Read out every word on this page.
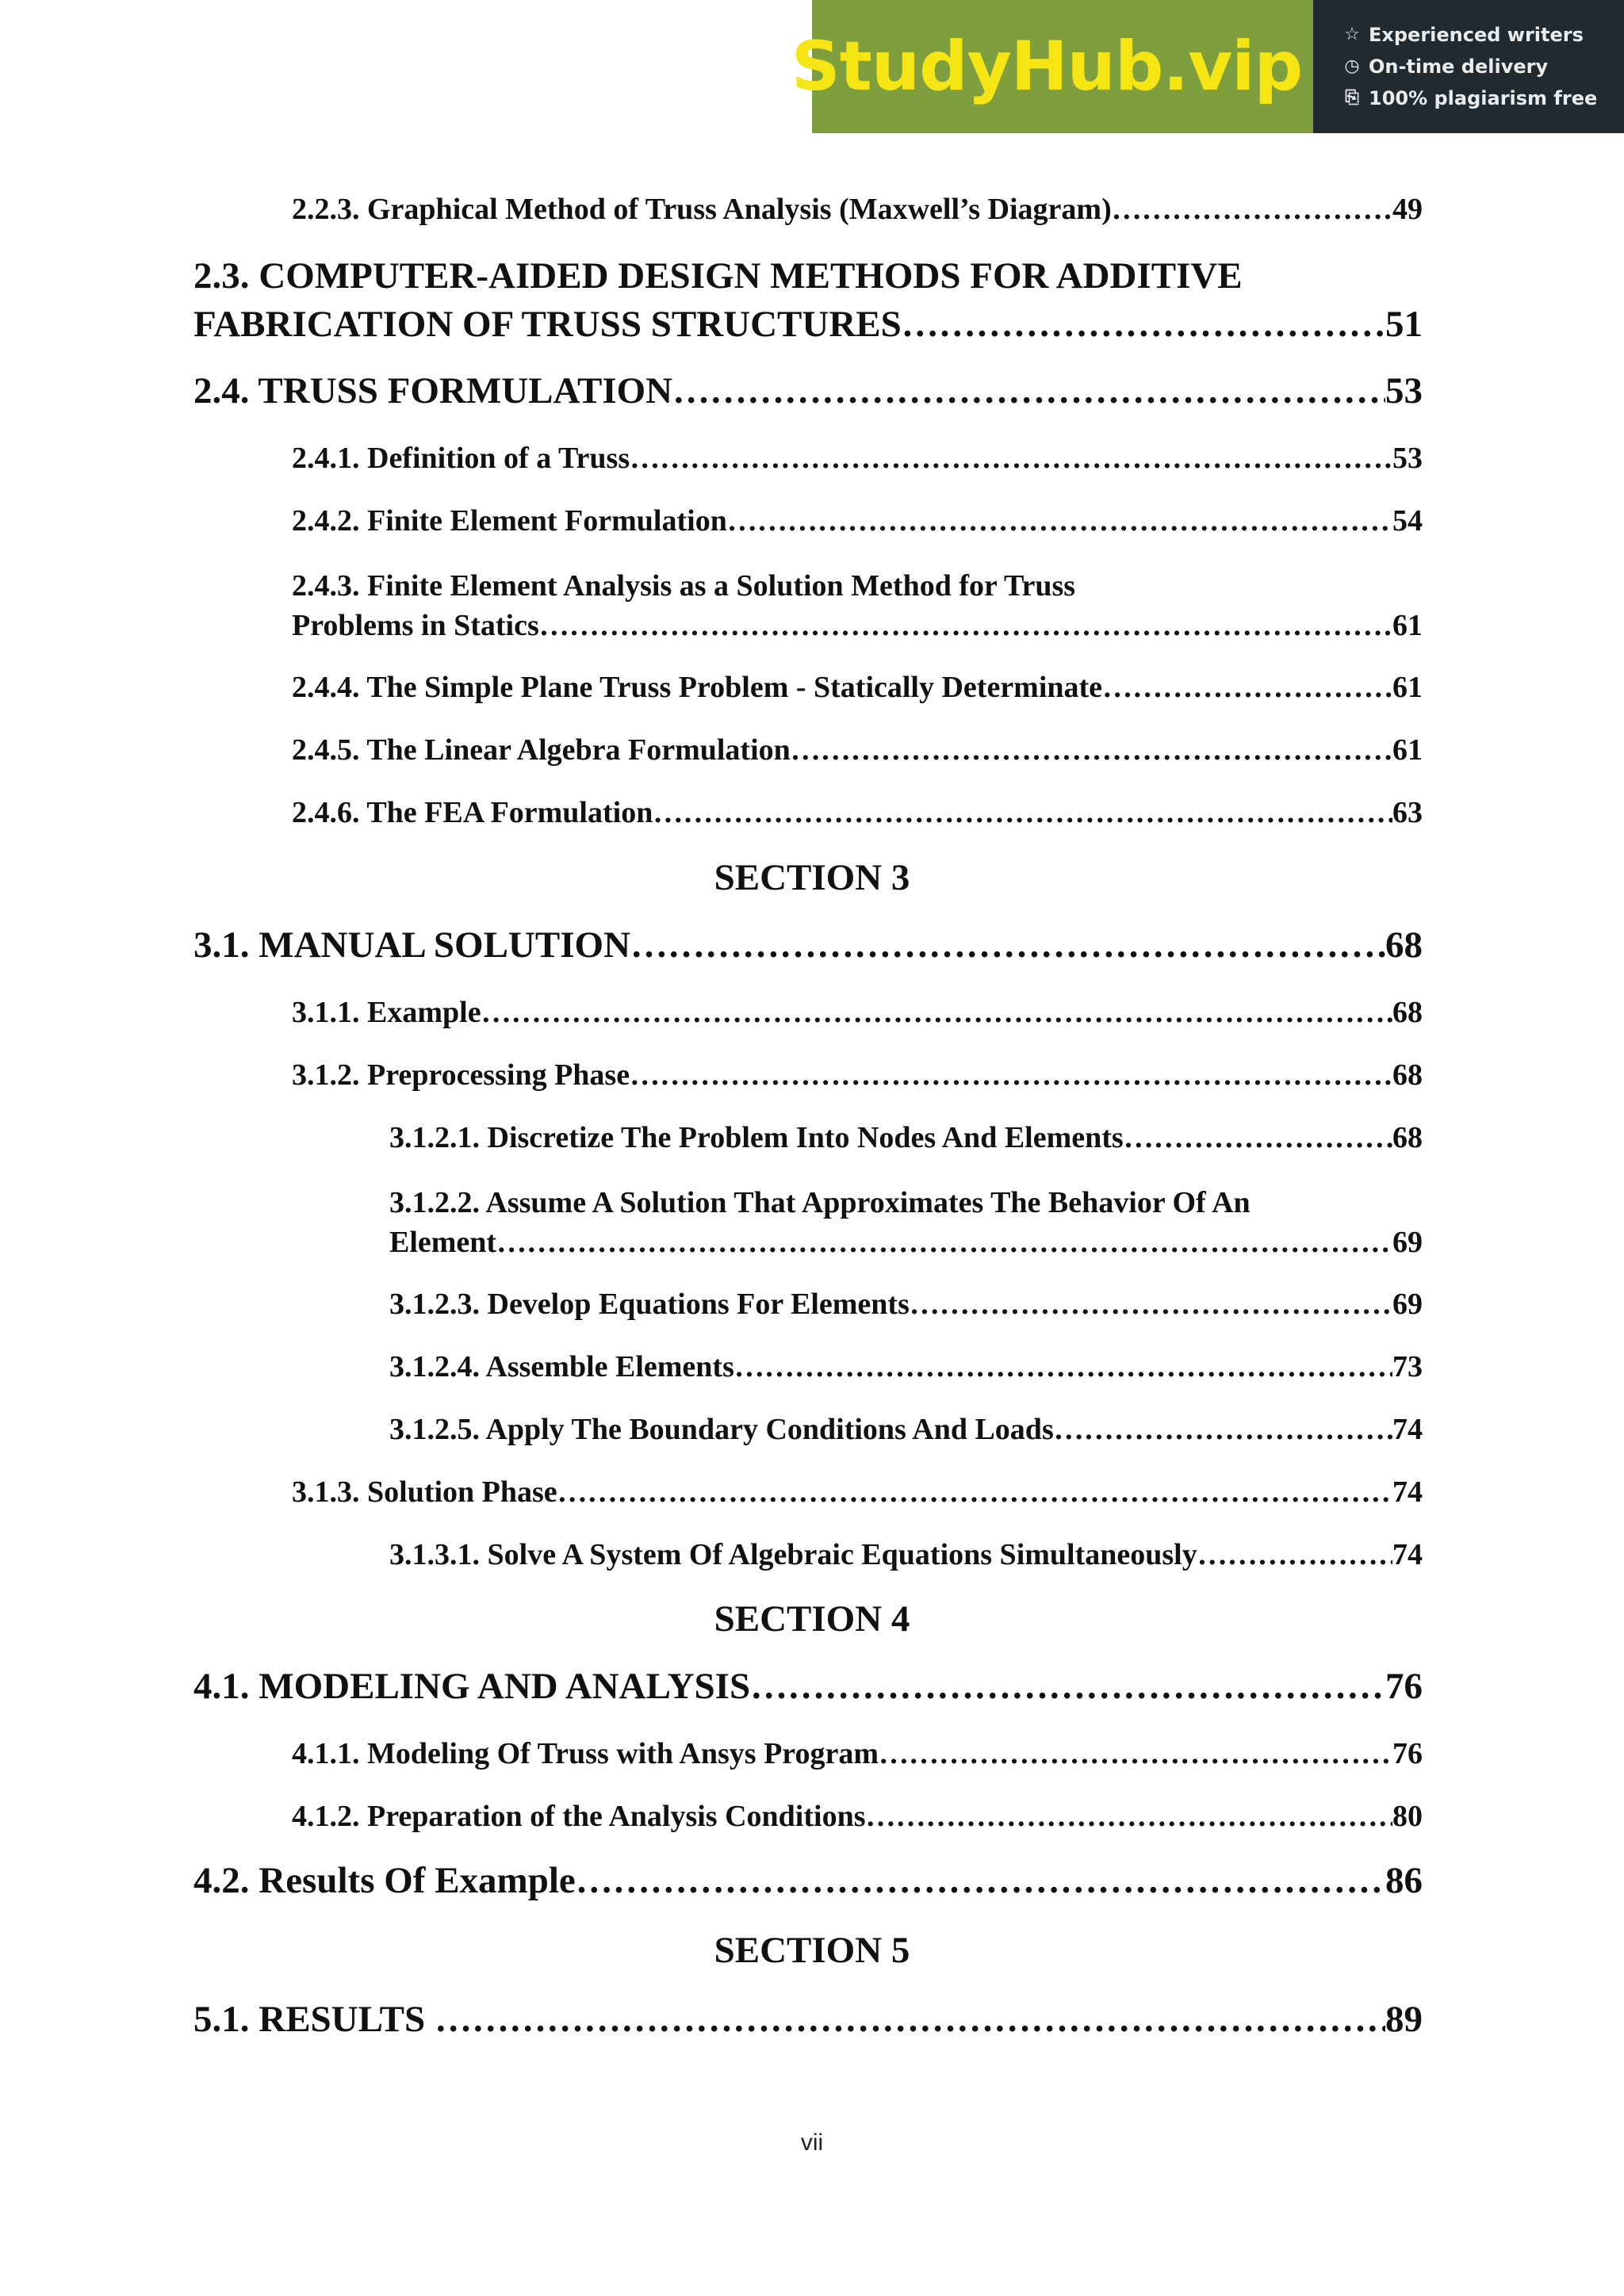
StudyHub.vip ☆ Experienced writers
◷ On-time delivery
⎘ 100% plagiarism free
2.2.3. Graphical Method of Truss Analysis (Maxwell’s Diagram) …………………………………………………………………………………………………………………………………………………………………………………………………………	49
2.3. COMPUTER-AIDED DESIGN METHODS FOR ADDITIVE
FABRICATION OF TRUSS STRUCTURES …………………………………………………………………………………………………………………………………………………………………………………………………………	51
2.4. TRUSS FORMULATION …………………………………………………………………………………………………………………………………………………………………………………………………………	53
2.4.1. Definition of a Truss …………………………………………………………………………………………………………………………………………………………………………………………………………	53
2.4.2. Finite Element Formulation …………………………………………………………………………………………………………………………………………………………………………………………………………	54
2.4.3. Finite Element Analysis as a Solution Method for Truss
Problems in Statics …………………………………………………………………………………………………………………………………………………………………………………………………………	61
2.4.4. The Simple Plane Truss Problem - Statically Determinate …………………………………………………………………………………………………………………………………………………………………………………………………………	61
2.4.5. The Linear Algebra Formulation …………………………………………………………………………………………………………………………………………………………………………………………………………	61
2.4.6. The FEA Formulation …………………………………………………………………………………………………………………………………………………………………………………………………………	63
SECTION 3
3.1. MANUAL SOLUTION …………………………………………………………………………………………………………………………………………………………………………………………………………	68
3.1.1. Example …………………………………………………………………………………………………………………………………………………………………………………………………………	68
3.1.2. Preprocessing Phase …………………………………………………………………………………………………………………………………………………………………………………………………………	68
3.1.2.1. Discretize The Problem Into Nodes And Elements …………………………………………………………………………………………………………………………………………………………………………………………………………	68
3.1.2.2. Assume A Solution That Approximates The Behavior Of An
Element …………………………………………………………………………………………………………………………………………………………………………………………………………	69
3.1.2.3. Develop Equations For Elements …………………………………………………………………………………………………………………………………………………………………………………………………………	69
3.1.2.4. Assemble Elements …………………………………………………………………………………………………………………………………………………………………………………………………………	73
3.1.2.5. Apply The Boundary Conditions And Loads …………………………………………………………………………………………………………………………………………………………………………………………………………	74
3.1.3. Solution Phase …………………………………………………………………………………………………………………………………………………………………………………………………………	74
3.1.3.1. Solve A System Of Algebraic Equations Simultaneously …………………………………………………………………………………………………………………………………………………………………………………………………………	74
SECTION 4
4.1. MODELING AND ANALYSIS …………………………………………………………………………………………………………………………………………………………………………………………………………	76
4.1.1. Modeling Of Truss with Ansys Program …………………………………………………………………………………………………………………………………………………………………………………………………………	76
4.1.2. Preparation of the Analysis Conditions …………………………………………………………………………………………………………………………………………………………………………………………………………	80
4.2. Results Of Example …………………………………………………………………………………………………………………………………………………………………………………………………………	86
SECTION 5
5.1. RESULTS …………………………………………………………………………………………………………………………………………………………………………………………………………	89
vii
